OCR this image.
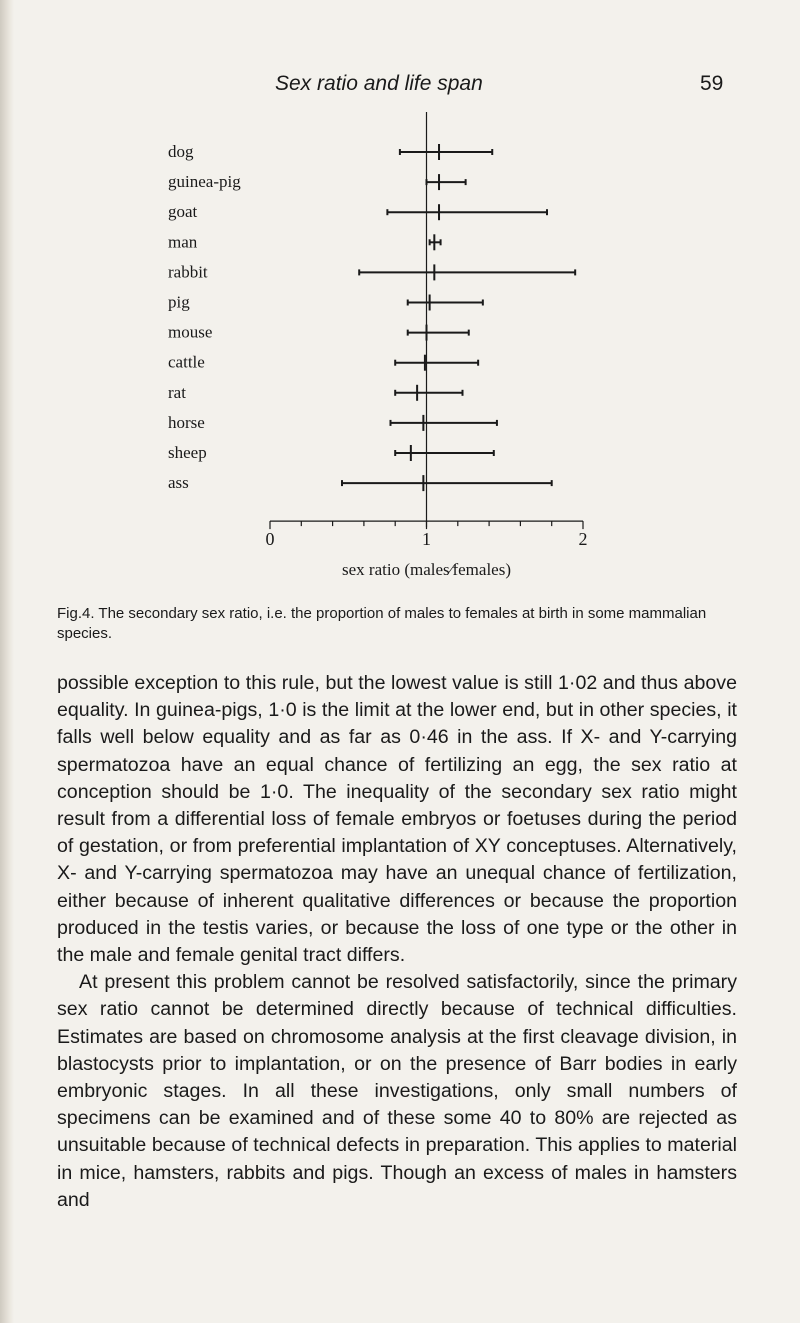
Sex ratio and life span	59
dog
guinea-pig
goat
man
rabbit
pig
mouse
cattle
rat
horse
sheep
ass
0	1	2
sex ratio (males⁄females)
Fig.4. The secondary sex ratio, i.e. the proportion of males to females at birth in some mammalian species.

possible exception to this rule, but the lowest value is still 1·02 and thus above equality. In guinea-pigs, 1·0 is the limit at the lower end, but in other species, it falls well below equality and as far as 0·46 in the ass. If X- and Y-carrying spermatozoa have an equal chance of fertilizing an egg, the sex ratio at conception should be 1·0. The inequality of the secondary sex ratio might result from a differential loss of female embryos or foetuses during the period of gestation, or from preferential implantation of XY conceptuses. Alternatively, X- and Y-carrying spermatozoa may have an unequal chance of fertilization, either because of inherent qualitative differences or because the proportion produced in the testis varies, or because the loss of one type or the other in the male and female genital tract differs.

At present this problem cannot be resolved satisfactorily, since the primary sex ratio cannot be determined directly because of technical difficulties. Estimates are based on chromosome analysis at the first cleavage division, in blastocysts prior to implantation, or on the presence of Barr bodies in early embryonic stages. In all these investigations, only small numbers of specimens can be examined and of these some 40 to 80% are rejected as unsuitable because of technical defects in preparation. This applies to material in mice, hamsters, rabbits and pigs. Though an excess of males in hamsters and
